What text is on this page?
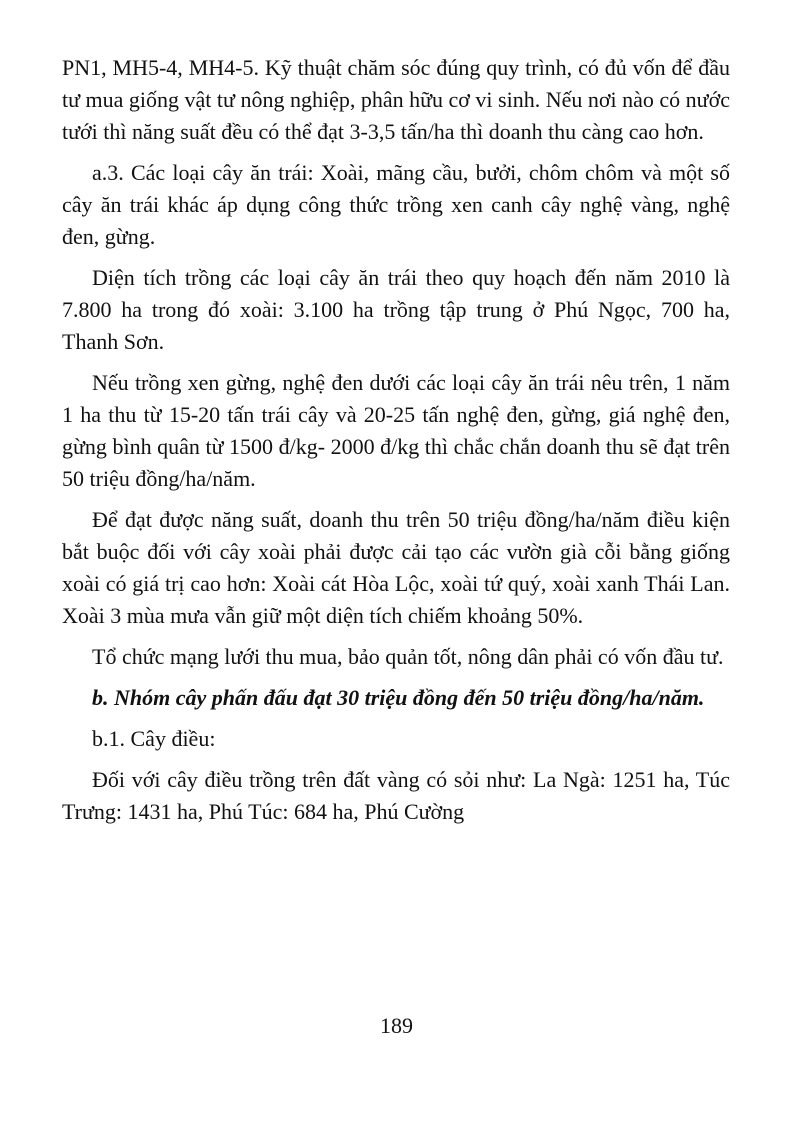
PN1, MH5-4, MH4-5. Kỹ thuật chăm sóc đúng quy trình, có đủ vốn để đầu tư mua giống vật tư nông nghiệp, phân hữu cơ vi sinh. Nếu nơi nào có nước tưới thì năng suất đều có thể đạt 3-3,5 tấn/ha thì doanh thu càng cao hơn.

a.3. Các loại cây ăn trái: Xoài, mãng cầu, bưởi, chôm chôm và một số cây ăn trái khác áp dụng công thức trồng xen canh cây nghệ vàng, nghệ đen, gừng.

Diện tích trồng các loại cây ăn trái theo quy hoạch đến năm 2010 là 7.800 ha trong đó xoài: 3.100 ha trồng tập trung ở Phú Ngọc, 700 ha, Thanh Sơn.

Nếu trồng xen gừng, nghệ đen dưới các loại cây ăn trái nêu trên, 1 năm 1 ha thu từ 15-20 tấn trái cây và 20-25 tấn nghệ đen, gừng, giá nghệ đen, gừng bình quân từ 1500 đ/kg- 2000 đ/kg thì chắc chắn doanh thu sẽ đạt trên 50 triệu đồng/ha/năm.

Để đạt được năng suất, doanh thu trên 50 triệu đồng/ha/năm điều kiện bắt buộc đối với cây xoài phải được cải tạo các vườn già cỗi bằng giống xoài có giá trị cao hơn: Xoài cát Hòa Lộc, xoài tứ quý, xoài xanh Thái Lan. Xoài 3 mùa mưa vẫn giữ một diện tích chiếm khoảng 50%.

Tổ chức mạng lưới thu mua, bảo quản tốt, nông dân phải có vốn đầu tư.

b. Nhóm cây phấn đấu đạt 30 triệu đồng đến 50 triệu đồng/ha/năm.

b.1. Cây điều:

Đối với cây điều trồng trên đất vàng có sỏi như: La Ngà: 1251 ha, Túc Trưng: 1431 ha, Phú Túc: 684 ha, Phú Cường

189
